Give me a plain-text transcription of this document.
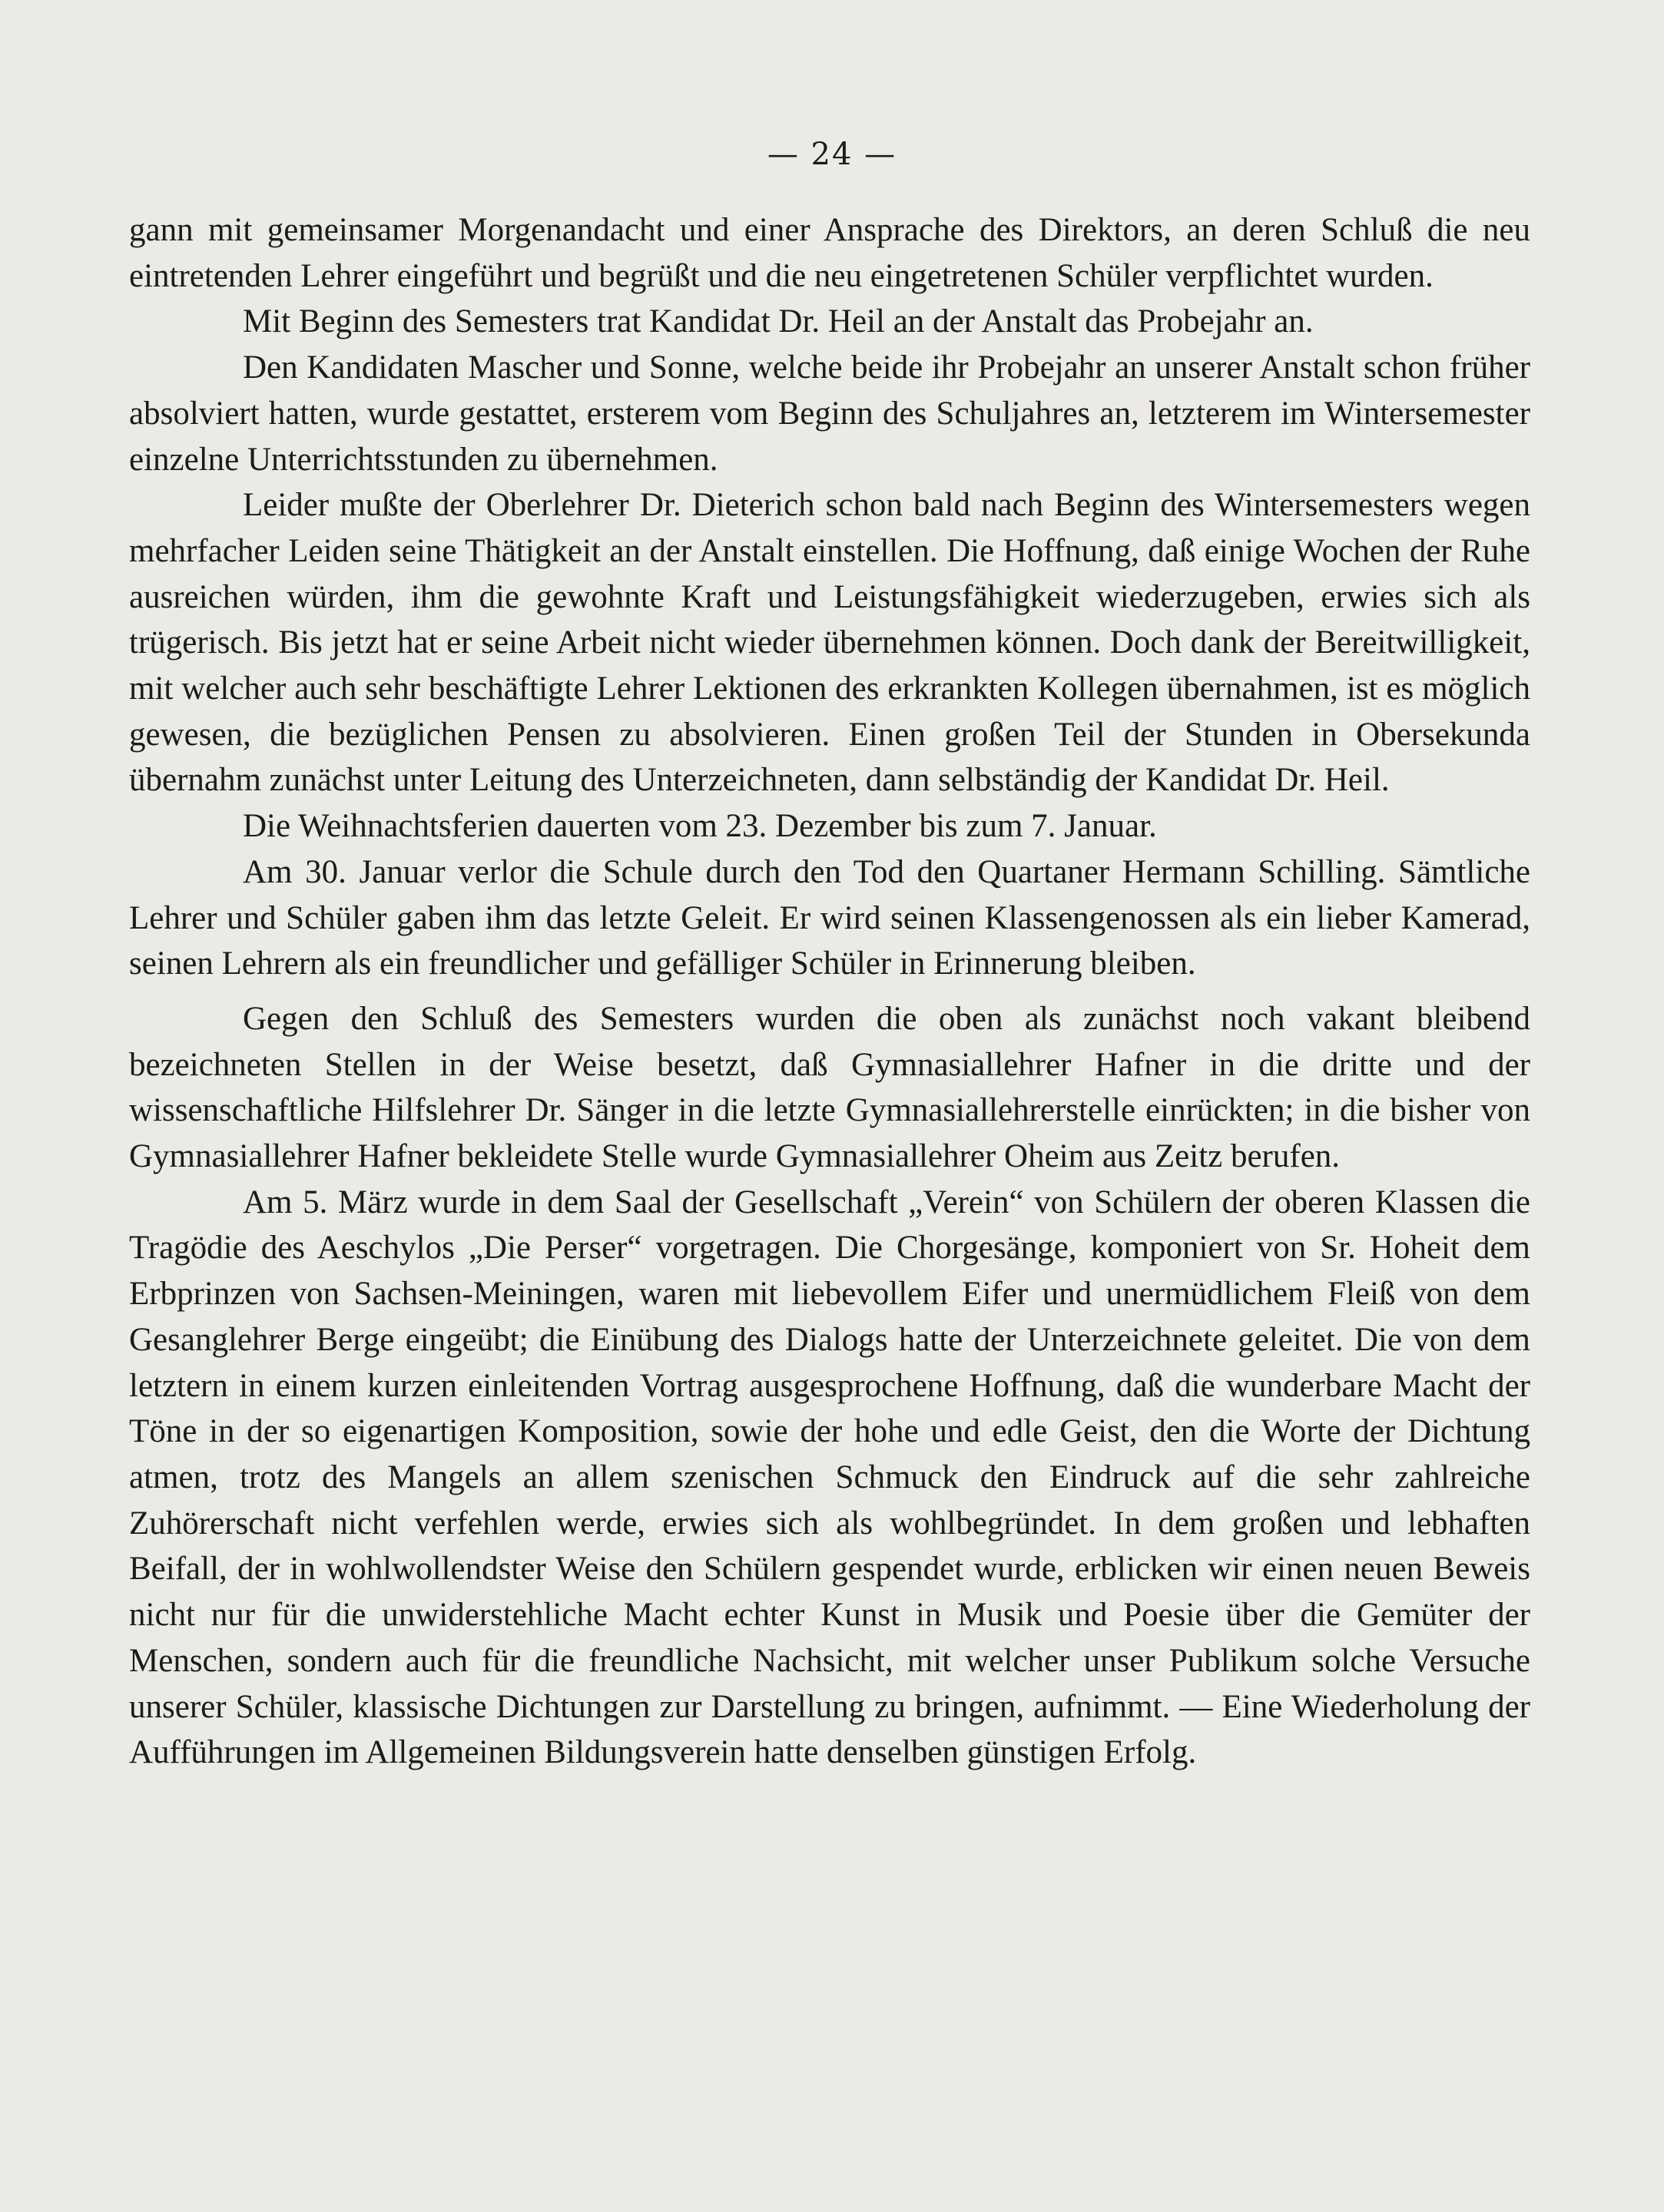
— 24 —

gann mit gemeinsamer Morgenandacht und einer Ansprache des Direktors, an deren Schluß die neu eintretenden Lehrer eingeführt und begrüßt und die neu eingetretenen Schüler verpflichtet wurden.

Mit Beginn des Semesters trat Kandidat Dr. Heil an der Anstalt das Probejahr an.

Den Kandidaten Mascher und Sonne, welche beide ihr Probejahr an unserer Anstalt schon früher absolviert hatten, wurde gestattet, ersterem vom Beginn des Schuljahres an, letzterem im Wintersemester einzelne Unterrichtsstunden zu übernehmen.

Leider mußte der Oberlehrer Dr. Dieterich schon bald nach Beginn des Wintersemesters wegen mehrfacher Leiden seine Thätigkeit an der Anstalt einstellen. Die Hoffnung, daß einige Wochen der Ruhe ausreichen würden, ihm die gewohnte Kraft und Leistungsfähigkeit wiederzugeben, erwies sich als trügerisch. Bis jetzt hat er seine Arbeit nicht wieder übernehmen können. Doch dank der Bereitwilligkeit, mit welcher auch sehr beschäftigte Lehrer Lektionen des erkrankten Kollegen übernahmen, ist es möglich gewesen, die bezüglichen Pensen zu absolvieren. Einen großen Teil der Stunden in Obersekunda übernahm zunächst unter Leitung des Unterzeichneten, dann selbständig der Kandidat Dr. Heil.

Die Weihnachtsferien dauerten vom 23. Dezember bis zum 7. Januar.

Am 30. Januar verlor die Schule durch den Tod den Quartaner Hermann Schilling. Sämtliche Lehrer und Schüler gaben ihm das letzte Geleit. Er wird seinen Klassengenossen als ein lieber Kamerad, seinen Lehrern als ein freundlicher und gefälliger Schüler in Erinnerung bleiben.

Gegen den Schluß des Semesters wurden die oben als zunächst noch vakant bleibend bezeichneten Stellen in der Weise besetzt, daß Gymnasiallehrer Hafner in die dritte und der wissenschaftliche Hilfslehrer Dr. Sänger in die letzte Gymnasiallehrerstelle einrückten; in die bisher von Gymnasiallehrer Hafner bekleidete Stelle wurde Gymnasiallehrer Oheim aus Zeitz berufen.

Am 5. März wurde in dem Saal der Gesellschaft „Verein“ von Schülern der oberen Klassen die Tragödie des Aeschylos „Die Perser“ vorgetragen. Die Chorgesänge, komponiert von Sr. Hoheit dem Erbprinzen von Sachsen-Meiningen, waren mit liebevollem Eifer und unermüdlichem Fleiß von dem Gesanglehrer Berge eingeübt; die Einübung des Dialogs hatte der Unterzeichnete geleitet. Die von dem letztern in einem kurzen einleitenden Vortrag ausgesprochene Hoffnung, daß die wunderbare Macht der Töne in der so eigenartigen Komposition, sowie der hohe und edle Geist, den die Worte der Dichtung atmen, trotz des Mangels an allem szenischen Schmuck den Eindruck auf die sehr zahlreiche Zuhörerschaft nicht verfehlen werde, erwies sich als wohlbegründet. In dem großen und lebhaften Beifall, der in wohlwollendster Weise den Schülern gespendet wurde, erblicken wir einen neuen Beweis nicht nur für die unwiderstehliche Macht echter Kunst in Musik und Poesie über die Gemüter der Menschen, sondern auch für die freundliche Nachsicht, mit welcher unser Publikum solche Versuche unserer Schüler, klassische Dichtungen zur Darstellung zu bringen, aufnimmt. — Eine Wiederholung der Aufführungen im Allgemeinen Bildungsverein hatte denselben günstigen Erfolg.
